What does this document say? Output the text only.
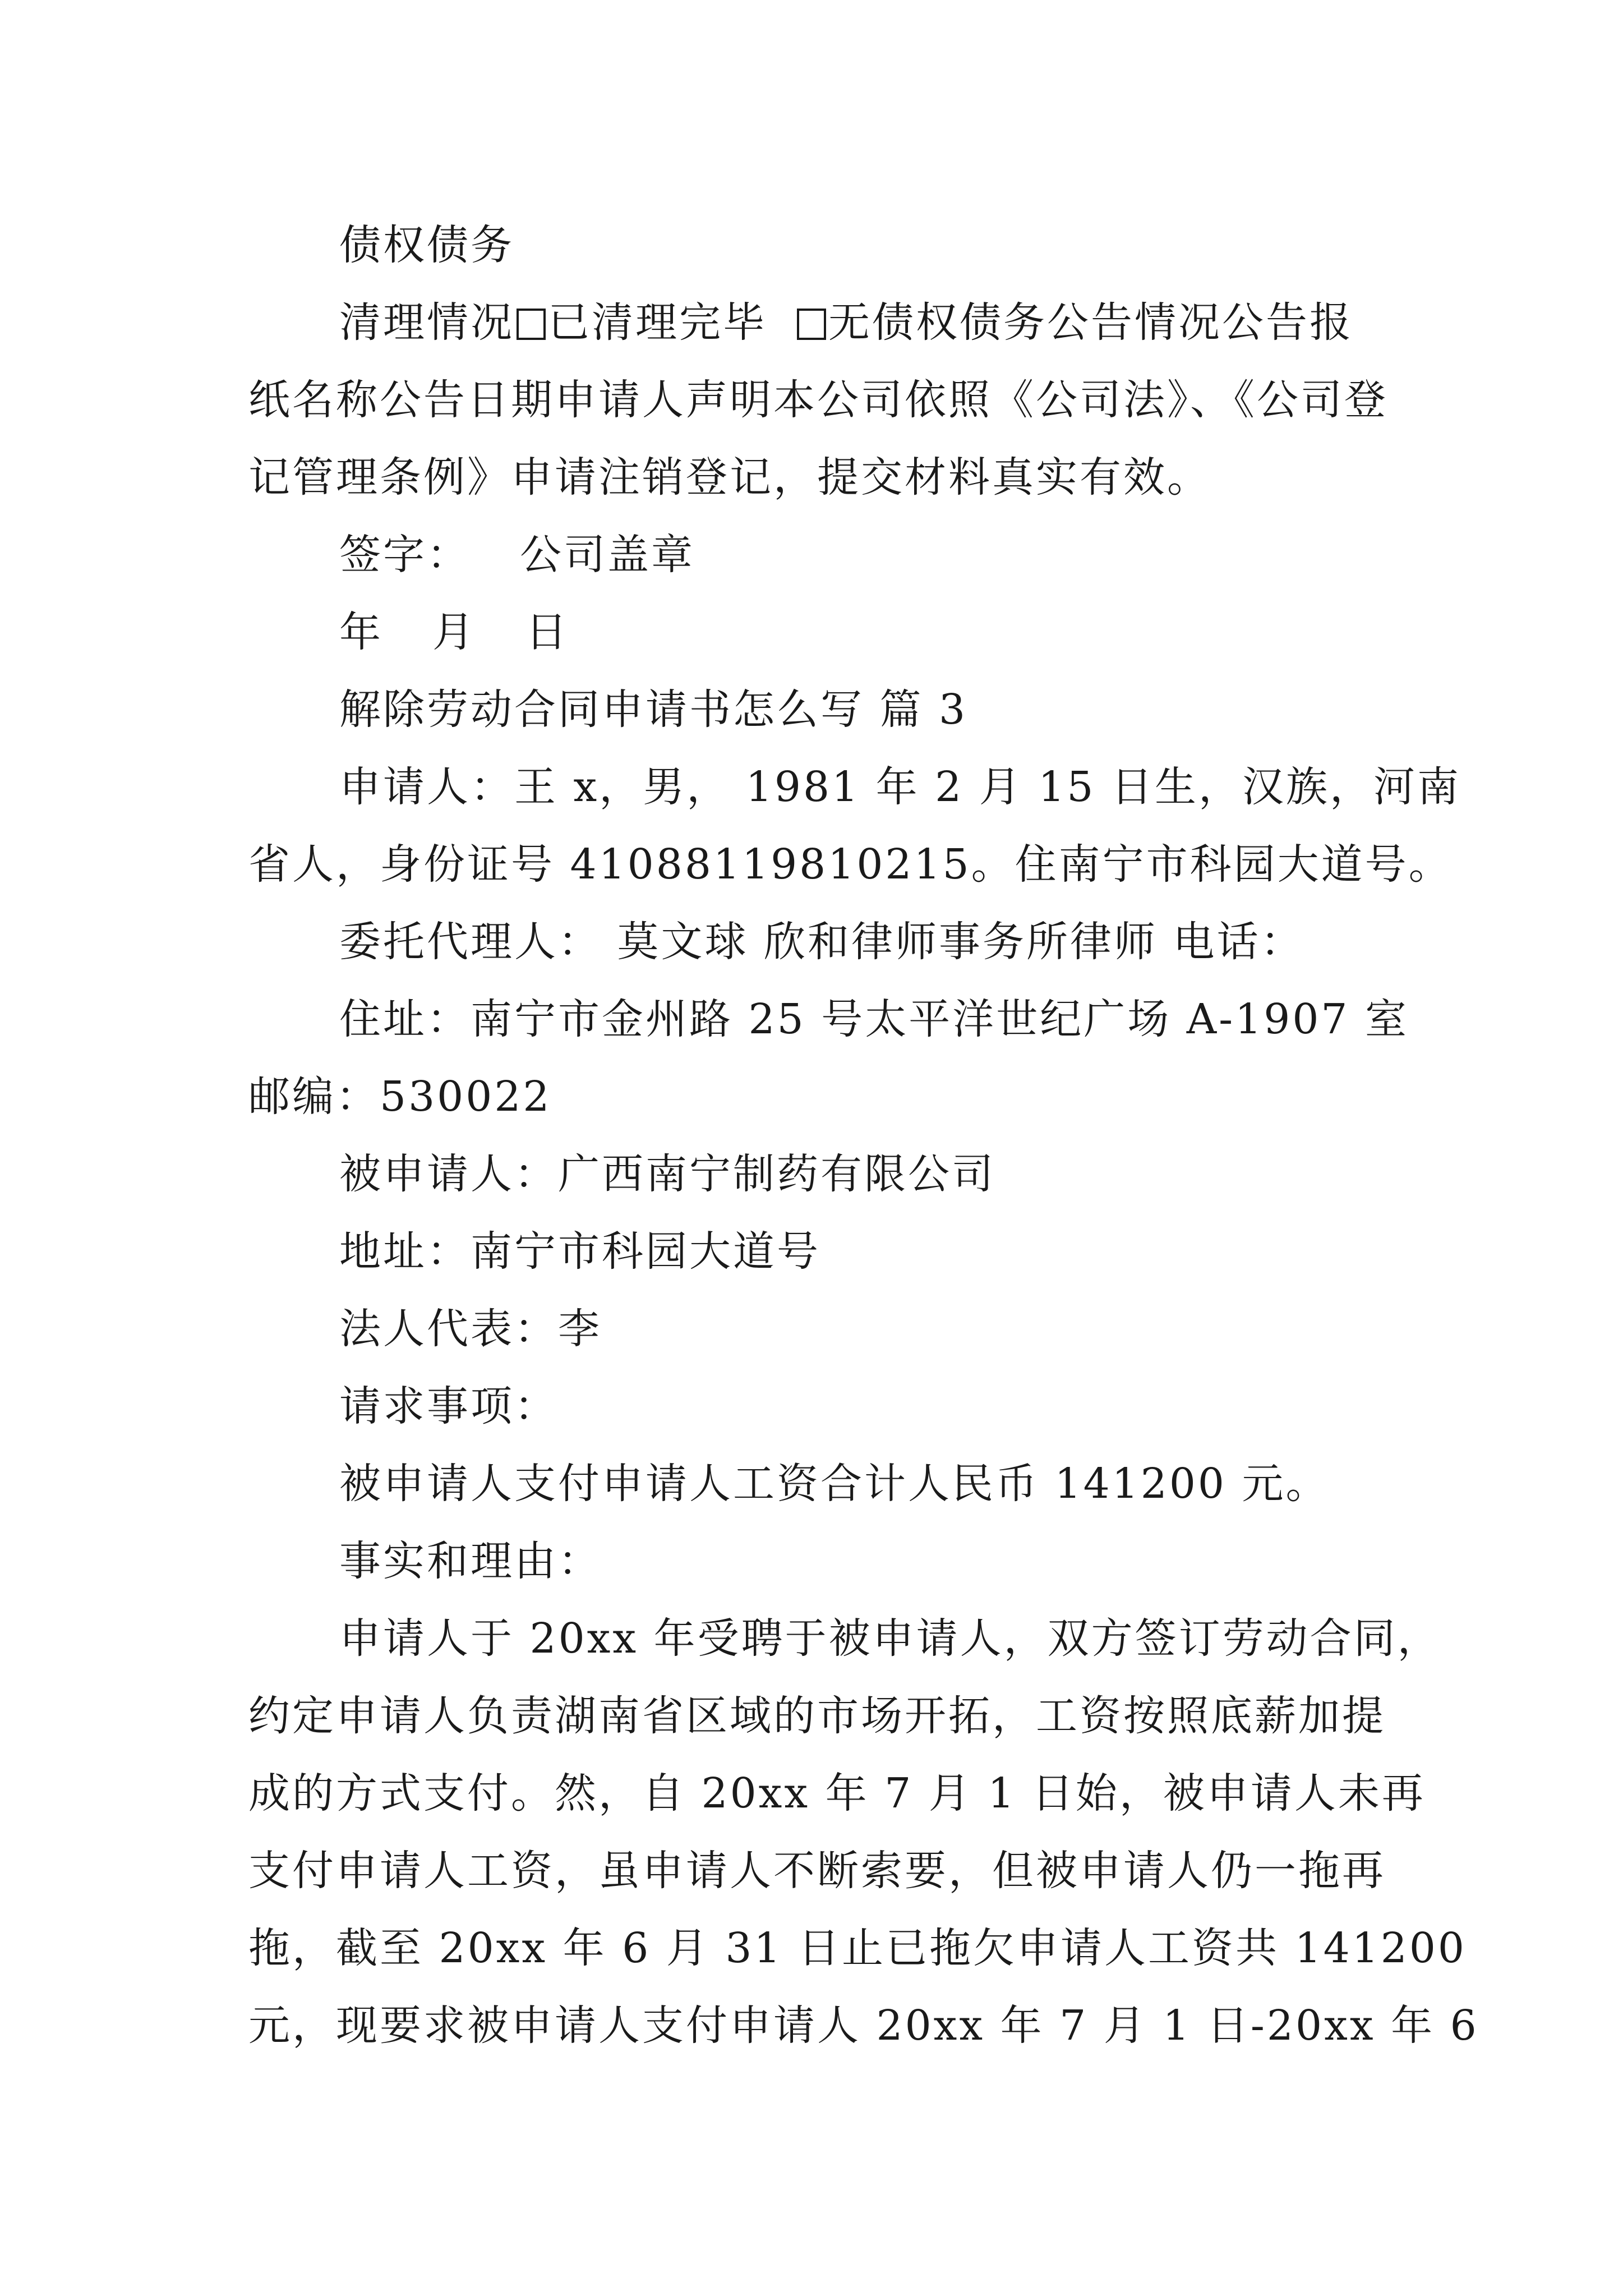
债权债务
清理情况 已清理完毕 无债权债务公告情况公告报
纸名称公告日期申请人声明本公司依照《公司法》、《公司登
记管理条例》申请注销登记，提交材料真实有效。
签字： 公司盖章
年 月 日
解除劳动合同申请书怎么写 篇 3
申请人：王 x，男， 1981 年 2 月 15 日生，汉族，河南
省人，身份证号 41088119810215。住南宁市科园大道号。
委托代理人： 莫文球 欣和律师事务所律师 电话：
住址：南宁市金州路 25 号太平洋世纪广场 A-1907 室
邮编：530022
被申请人：广西南宁制药有限公司
地址：南宁市科园大道号
法人代表：李
请求事项：
被申请人支付申请人工资合计人民币 141200 元。
事实和理由：
申请人于 20xx 年受聘于被申请人，双方签订劳动合同，
约定申请人负责湖南省区域的市场开拓，工资按照底薪加提
成的方式支付。然，自 20xx 年 7 月 1 日始，被申请人未再
支付申请人工资，虽申请人不断索要，但被申请人仍一拖再
拖，截至 20xx 年 6 月 31 日止已拖欠申请人工资共 141200
元，现要求被申请人支付申请人 20xx 年 7 月 1 日-20xx 年 6
